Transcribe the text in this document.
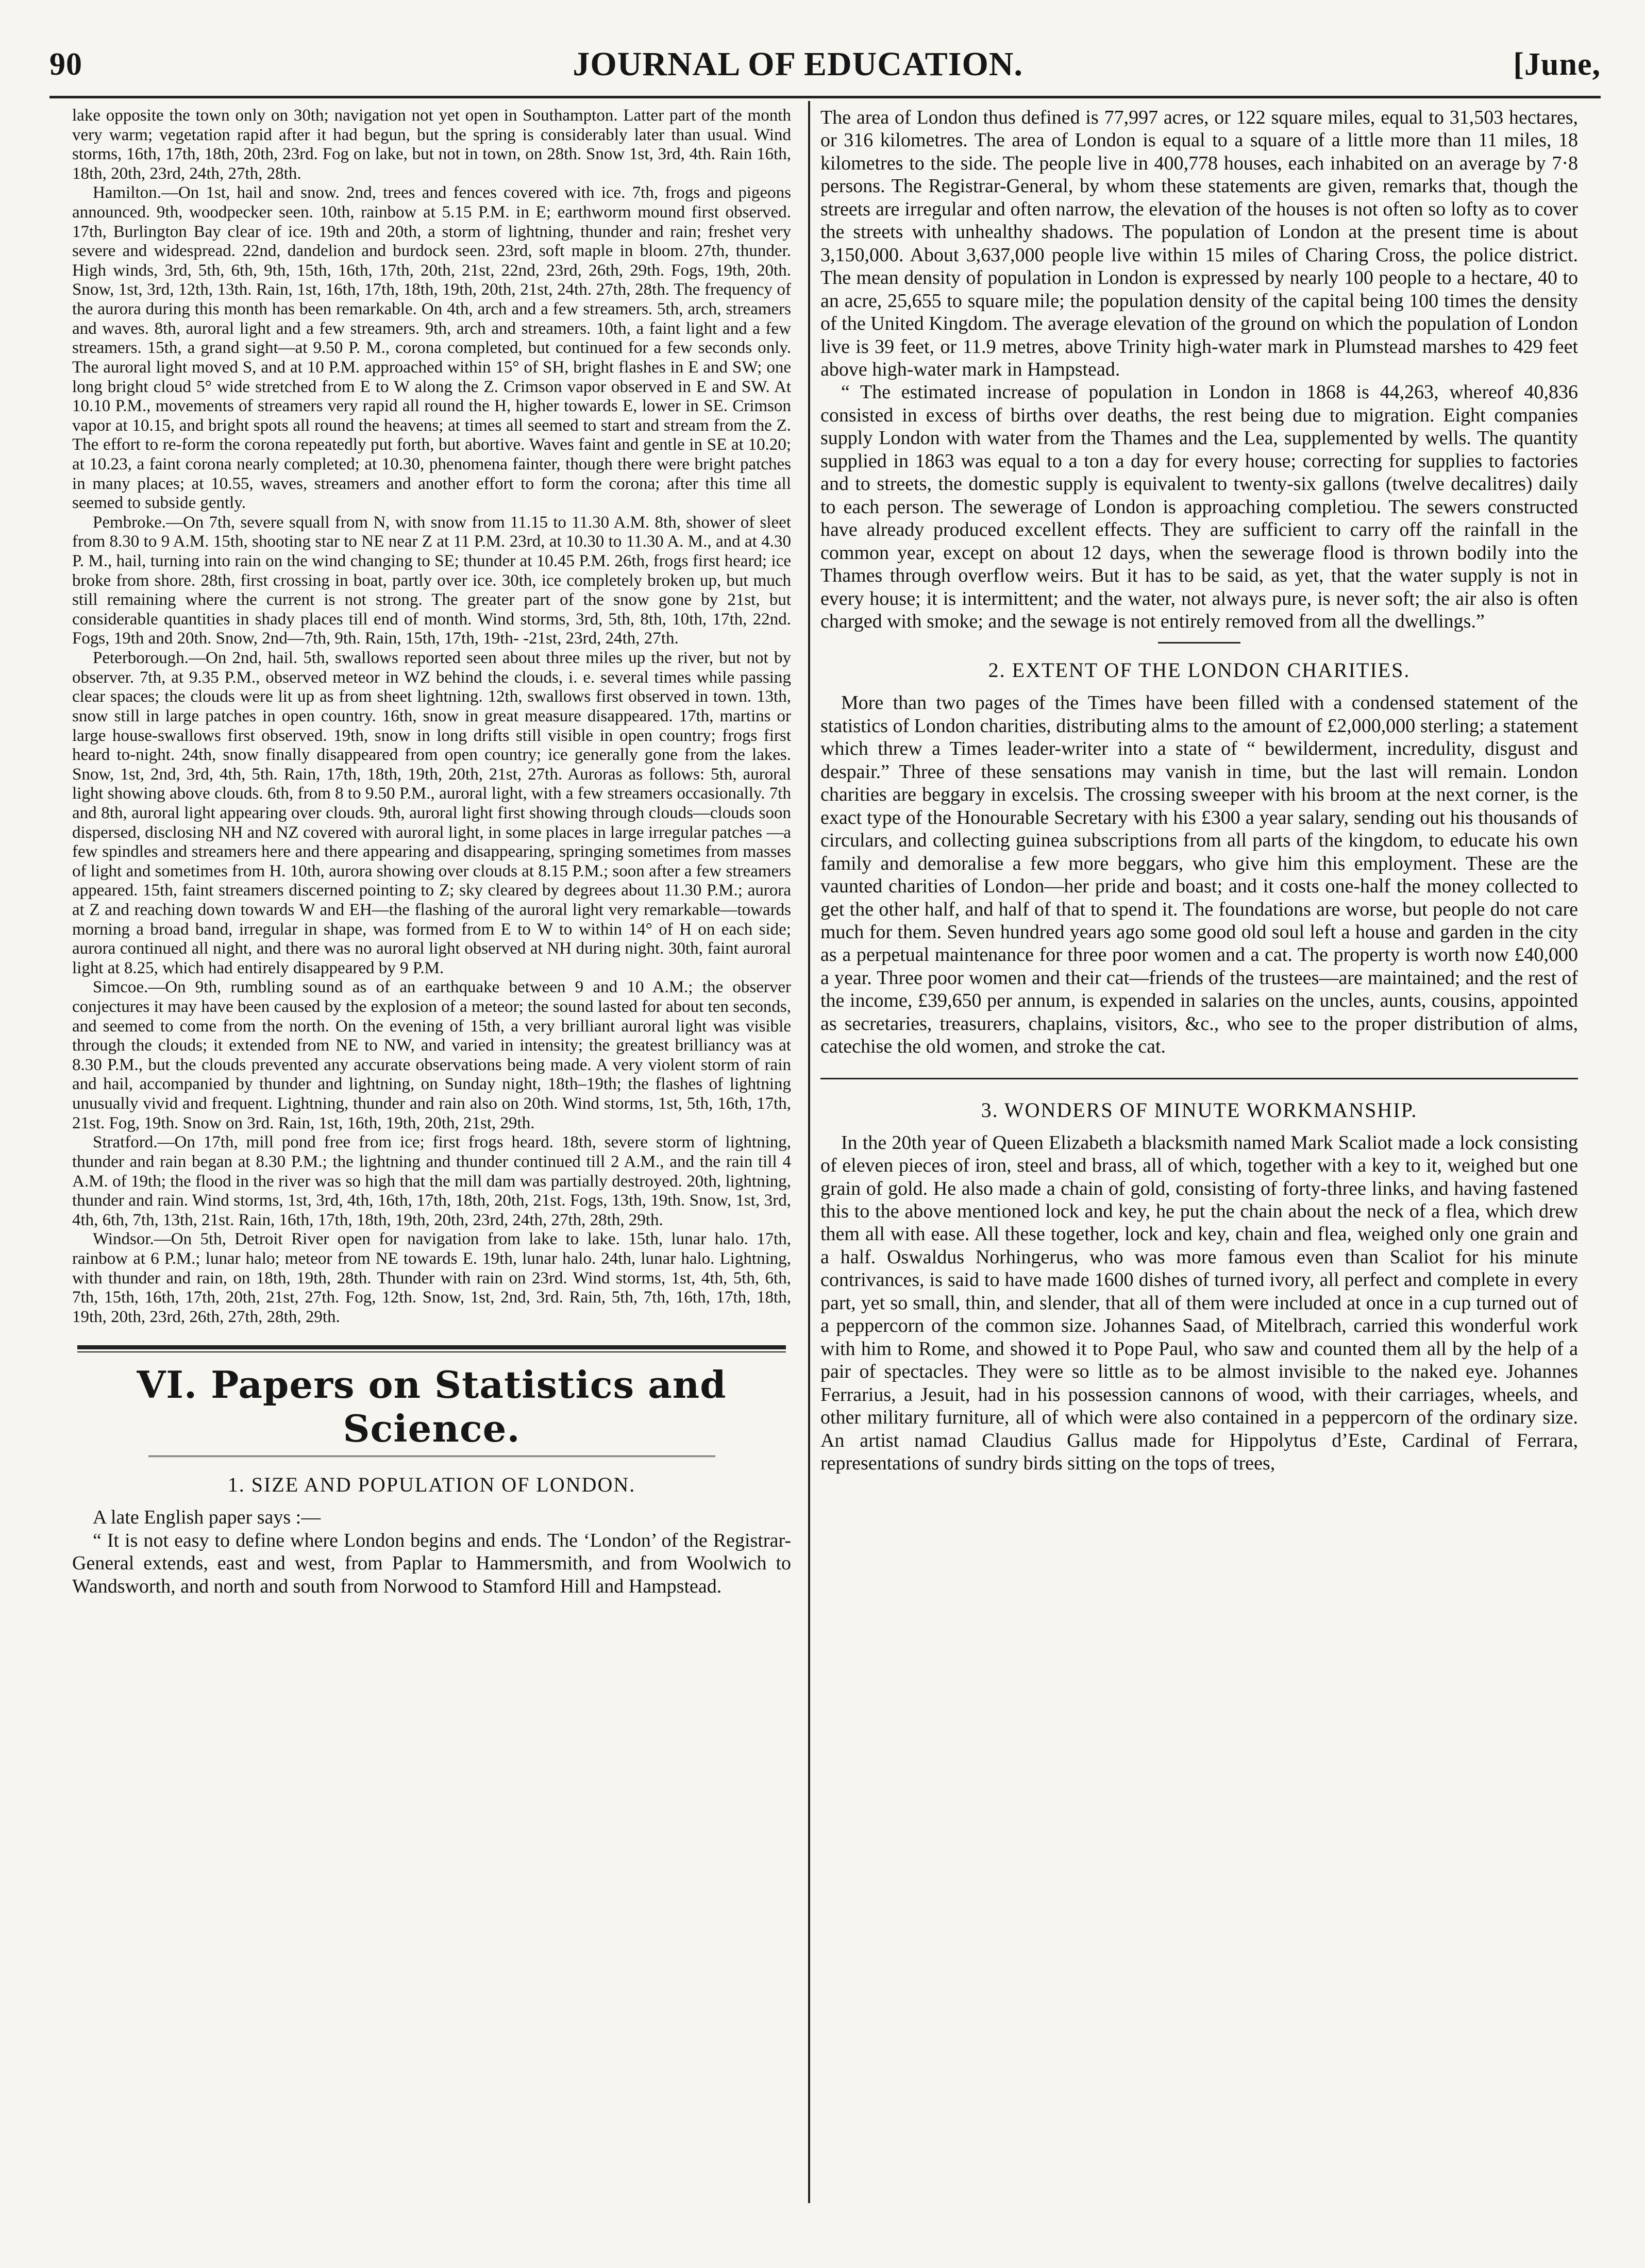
90	JOURNAL OF EDUCATION.	[June,

lake opposite the town only on 30th; navigation not yet open in Southampton. Latter part of the month very warm; vegetation rapid after it had begun, but the spring is considerably later than usual. Wind storms, 16th, 17th, 18th, 20th, 23rd. Fog on lake, but not in town, on 28th. Snow 1st, 3rd, 4th. Rain 16th, 18th, 20th, 23rd, 24th, 27th, 28th.

Hamilton.—On 1st, hail and snow. 2nd, trees and fences covered with ice. 7th, frogs and pigeons announced. 9th, woodpecker seen. 10th, rainbow at 5.15 P.M. in E; earthworm mound first observed. 17th, Burlington Bay clear of ice. 19th and 20th, a storm of lightning, thunder and rain; freshet very severe and widespread. 22nd, dandelion and burdock seen. 23rd, soft maple in bloom. 27th, thunder. High winds, 3rd, 5th, 6th, 9th, 15th, 16th, 17th, 20th, 21st, 22nd, 23rd, 26th, 29th. Fogs, 19th, 20th. Snow, 1st, 3rd, 12th, 13th. Rain, 1st, 16th, 17th, 18th, 19th, 20th, 21st, 24th. 27th, 28th. The frequency of the aurora during this month has been remarkable. On 4th, arch and a few streamers. 5th, arch, streamers and waves. 8th, auroral light and a few streamers. 9th, arch and streamers. 10th, a faint light and a few streamers. 15th, a grand sight—at 9.50 P. M., corona completed, but continued for a few seconds only. The auroral light moved S, and at 10 P.M. approached within 15° of SH, bright flashes in E and SW; one long bright cloud 5° wide stretched from E to W along the Z. Crimson vapor observed in E and SW. At 10.10 P.M., movements of streamers very rapid all round the H, higher towards E, lower in SE. Crimson vapor at 10.15, and bright spots all round the heavens; at times all seemed to start and stream from the Z. The effort to re-form the corona repeatedly put forth, but abortive. Waves faint and gentle in SE at 10.20; at 10.23, a faint corona nearly completed; at 10.30, phenomena fainter, though there were bright patches in many places; at 10.55, waves, streamers and another effort to form the corona; after this time all seemed to subside gently.

Pembroke.—On 7th, severe squall from N, with snow from 11.15 to 11.30 A.M. 8th, shower of sleet from 8.30 to 9 A.M. 15th, shooting star to NE near Z at 11 P.M. 23rd, at 10.30 to 11.30 A. M., and at 4.30 P. M., hail, turning into rain on the wind changing to SE; thunder at 10.45 P.M. 26th, frogs first heard; ice broke from shore. 28th, first crossing in boat, partly over ice. 30th, ice completely broken up, but much still remaining where the current is not strong. The greater part of the snow gone by 21st, but considerable quantities in shady places till end of month. Wind storms, 3rd, 5th, 8th, 10th, 17th, 22nd. Fogs, 19th and 20th. Snow, 2nd—7th, 9th. Rain, 15th, 17th, 19th- -21st, 23rd, 24th, 27th.

Peterborough.—On 2nd, hail. 5th, swallows reported seen about three miles up the river, but not by observer. 7th, at 9.35 P.M., observed meteor in WZ behind the clouds, i. e. several times while passing clear spaces; the clouds were lit up as from sheet lightning. 12th, swallows first observed in town. 13th, snow still in large patches in open country. 16th, snow in great measure disappeared. 17th, martins or large house-swallows first observed. 19th, snow in long drifts still visible in open country; frogs first heard to-night. 24th, snow finally disappeared from open country; ice generally gone from the lakes. Snow, 1st, 2nd, 3rd, 4th, 5th. Rain, 17th, 18th, 19th, 20th, 21st, 27th. Auroras as follows: 5th, auroral light showing above clouds. 6th, from 8 to 9.50 P.M., auroral light, with a few streamers occasionally. 7th and 8th, auroral light appearing over clouds. 9th, auroral light first showing through clouds—clouds soon dispersed, disclosing NH and NZ covered with auroral light, in some places in large irregular patches —a few spindles and streamers here and there appearing and disappearing, springing sometimes from masses of light and sometimes from H. 10th, aurora showing over clouds at 8.15 P.M.; soon after a few streamers appeared. 15th, faint streamers discerned pointing to Z; sky cleared by degrees about 11.30 P.M.; aurora at Z and reaching down towards W and EH—the flashing of the auroral light very remarkable—towards morning a broad band, irregular in shape, was formed from E to W to within 14° of H on each side; aurora continued all night, and there was no auroral light observed at NH during night. 30th, faint auroral light at 8.25, which had entirely disappeared by 9 P.M.

Simcoe.—On 9th, rumbling sound as of an earthquake between 9 and 10 A.M.; the observer conjectures it may have been caused by the explosion of a meteor; the sound lasted for about ten seconds, and seemed to come from the north. On the evening of 15th, a very brilliant auroral light was visible through the clouds; it extended from NE to NW, and varied in intensity; the greatest brilliancy was at 8.30 P.M., but the clouds prevented any accurate observations being made. A very violent storm of rain and hail, accompanied by thunder and lightning, on Sunday night, 18th–19th; the flashes of lightning unusually vivid and frequent. Lightning, thunder and rain also on 20th. Wind storms, 1st, 5th, 16th, 17th, 21st. Fog, 19th. Snow on 3rd. Rain, 1st, 16th, 19th, 20th, 21st, 29th.

Stratford.—On 17th, mill pond free from ice; first frogs heard. 18th, severe storm of lightning, thunder and rain began at 8.30 P.M.; the lightning and thunder continued till 2 A.M., and the rain till 4 A.M. of 19th; the flood in the river was so high that the mill dam was partially destroyed. 20th, lightning, thunder and rain. Wind storms, 1st, 3rd, 4th, 16th, 17th, 18th, 20th, 21st. Fogs, 13th, 19th. Snow, 1st, 3rd, 4th, 6th, 7th, 13th, 21st. Rain, 16th, 17th, 18th, 19th, 20th, 23rd, 24th, 27th, 28th, 29th.

Windsor.—On 5th, Detroit River open for navigation from lake to lake. 15th, lunar halo. 17th, rainbow at 6 P.M.; lunar halo; meteor from NE towards E. 19th, lunar halo. 24th, lunar halo. Lightning, with thunder and rain, on 18th, 19th, 28th. Thunder with rain on 23rd. Wind storms, 1st, 4th, 5th, 6th, 7th, 15th, 16th, 17th, 20th, 21st, 27th. Fog, 12th. Snow, 1st, 2nd, 3rd. Rain, 5th, 7th, 16th, 17th, 18th, 19th, 20th, 23rd, 26th, 27th, 28th, 29th.

VI. Papers on Statistics and Science.
1. SIZE AND POPULATION OF LONDON.

A late English paper says :—

“ It is not easy to define where London begins and ends. The ‘London’ of the Registrar-General extends, east and west, from Paplar to Hammersmith, and from Woolwich to Wandsworth, and north and south from Norwood to Stamford Hill and Hampstead.

The area of London thus defined is 77,997 acres, or 122 square miles, equal to 31,503 hectares, or 316 kilometres. The area of London is equal to a square of a little more than 11 miles, 18 kilometres to the side. The people live in 400,778 houses, each inhabited on an average by 7·8 persons. The Registrar-General, by whom these statements are given, remarks that, though the streets are irregular and often narrow, the elevation of the houses is not often so lofty as to cover the streets with unhealthy shadows. The population of London at the present time is about 3,150,000. About 3,637,000 people live within 15 miles of Charing Cross, the police district. The mean density of population in London is expressed by nearly 100 people to a hectare, 40 to an acre, 25,655 to square mile; the population density of the capital being 100 times the density of the United Kingdom. The average elevation of the ground on which the population of London live is 39 feet, or 11.9 metres, above Trinity high-water mark in Plumstead marshes to 429 feet above high-water mark in Hampstead.

“ The estimated increase of population in London in 1868 is 44,263, whereof 40,836 consisted in excess of births over deaths, the rest being due to migration. Eight companies supply London with water from the Thames and the Lea, supplemented by wells. The quantity supplied in 1863 was equal to a ton a day for every house; correcting for supplies to factories and to streets, the domestic supply is equivalent to twenty-six gallons (twelve decalitres) daily to each person. The sewerage of London is approaching completiou. The sewers constructed have already produced excellent effects. They are sufficient to carry off the rainfall in the common year, except on about 12 days, when the sewerage flood is thrown bodily into the Thames through overflow weirs. But it has to be said, as yet, that the water supply is not in every house; it is intermittent; and the water, not always pure, is never soft; the air also is often charged with smoke; and the sewage is not entirely removed from all the dwellings.”

2. EXTENT OF THE LONDON CHARITIES.

More than two pages of the Times have been filled with a condensed statement of the statistics of London charities, distributing alms to the amount of £2,000,000 sterling; a statement which threw a Times leader-writer into a state of “ bewilderment, incredulity, disgust and despair.” Three of these sensations may vanish in time, but the last will remain. London charities are beggary in excelsis. The crossing sweeper with his broom at the next corner, is the exact type of the Honourable Secretary with his £300 a year salary, sending out his thousands of circulars, and collecting guinea subscriptions from all parts of the kingdom, to educate his own family and demoralise a few more beggars, who give him this employment. These are the vaunted charities of London—her pride and boast; and it costs one-half the money collected to get the other half, and half of that to spend it. The foundations are worse, but people do not care much for them. Seven hundred years ago some good old soul left a house and garden in the city as a perpetual maintenance for three poor women and a cat. The property is worth now £40,000 a year. Three poor women and their cat—friends of the trustees—are maintained; and the rest of the income, £39,650 per annum, is expended in salaries on the uncles, aunts, cousins, appointed as secretaries, treasurers, chaplains, visitors, &c., who see to the proper distribution of alms, catechise the old women, and stroke the cat.

3. WONDERS OF MINUTE WORKMANSHIP.

In the 20th year of Queen Elizabeth a blacksmith named Mark Scaliot made a lock consisting of eleven pieces of iron, steel and brass, all of which, together with a key to it, weighed but one grain of gold. He also made a chain of gold, consisting of forty-three links, and having fastened this to the above mentioned lock and key, he put the chain about the neck of a flea, which drew them all with ease. All these together, lock and key, chain and flea, weighed only one grain and a half. Oswaldus Norhingerus, who was more famous even than Scaliot for his minute contrivances, is said to have made 1600 dishes of turned ivory, all perfect and complete in every part, yet so small, thin, and slender, that all of them were included at once in a cup turned out of a peppercorn of the common size. Johannes Saad, of Mitelbrach, carried this wonderful work with him to Rome, and showed it to Pope Paul, who saw and counted them all by the help of a pair of spectacles. They were so little as to be almost invisible to the naked eye. Johannes Ferrarius, a Jesuit, had in his possession cannons of wood, with their carriages, wheels, and other military furniture, all of which were also contained in a peppercorn of the ordinary size. An artist namad Claudius Gallus made for Hippolytus d’Este, Cardinal of Ferrara, representations of sundry birds sitting on the tops of trees,
